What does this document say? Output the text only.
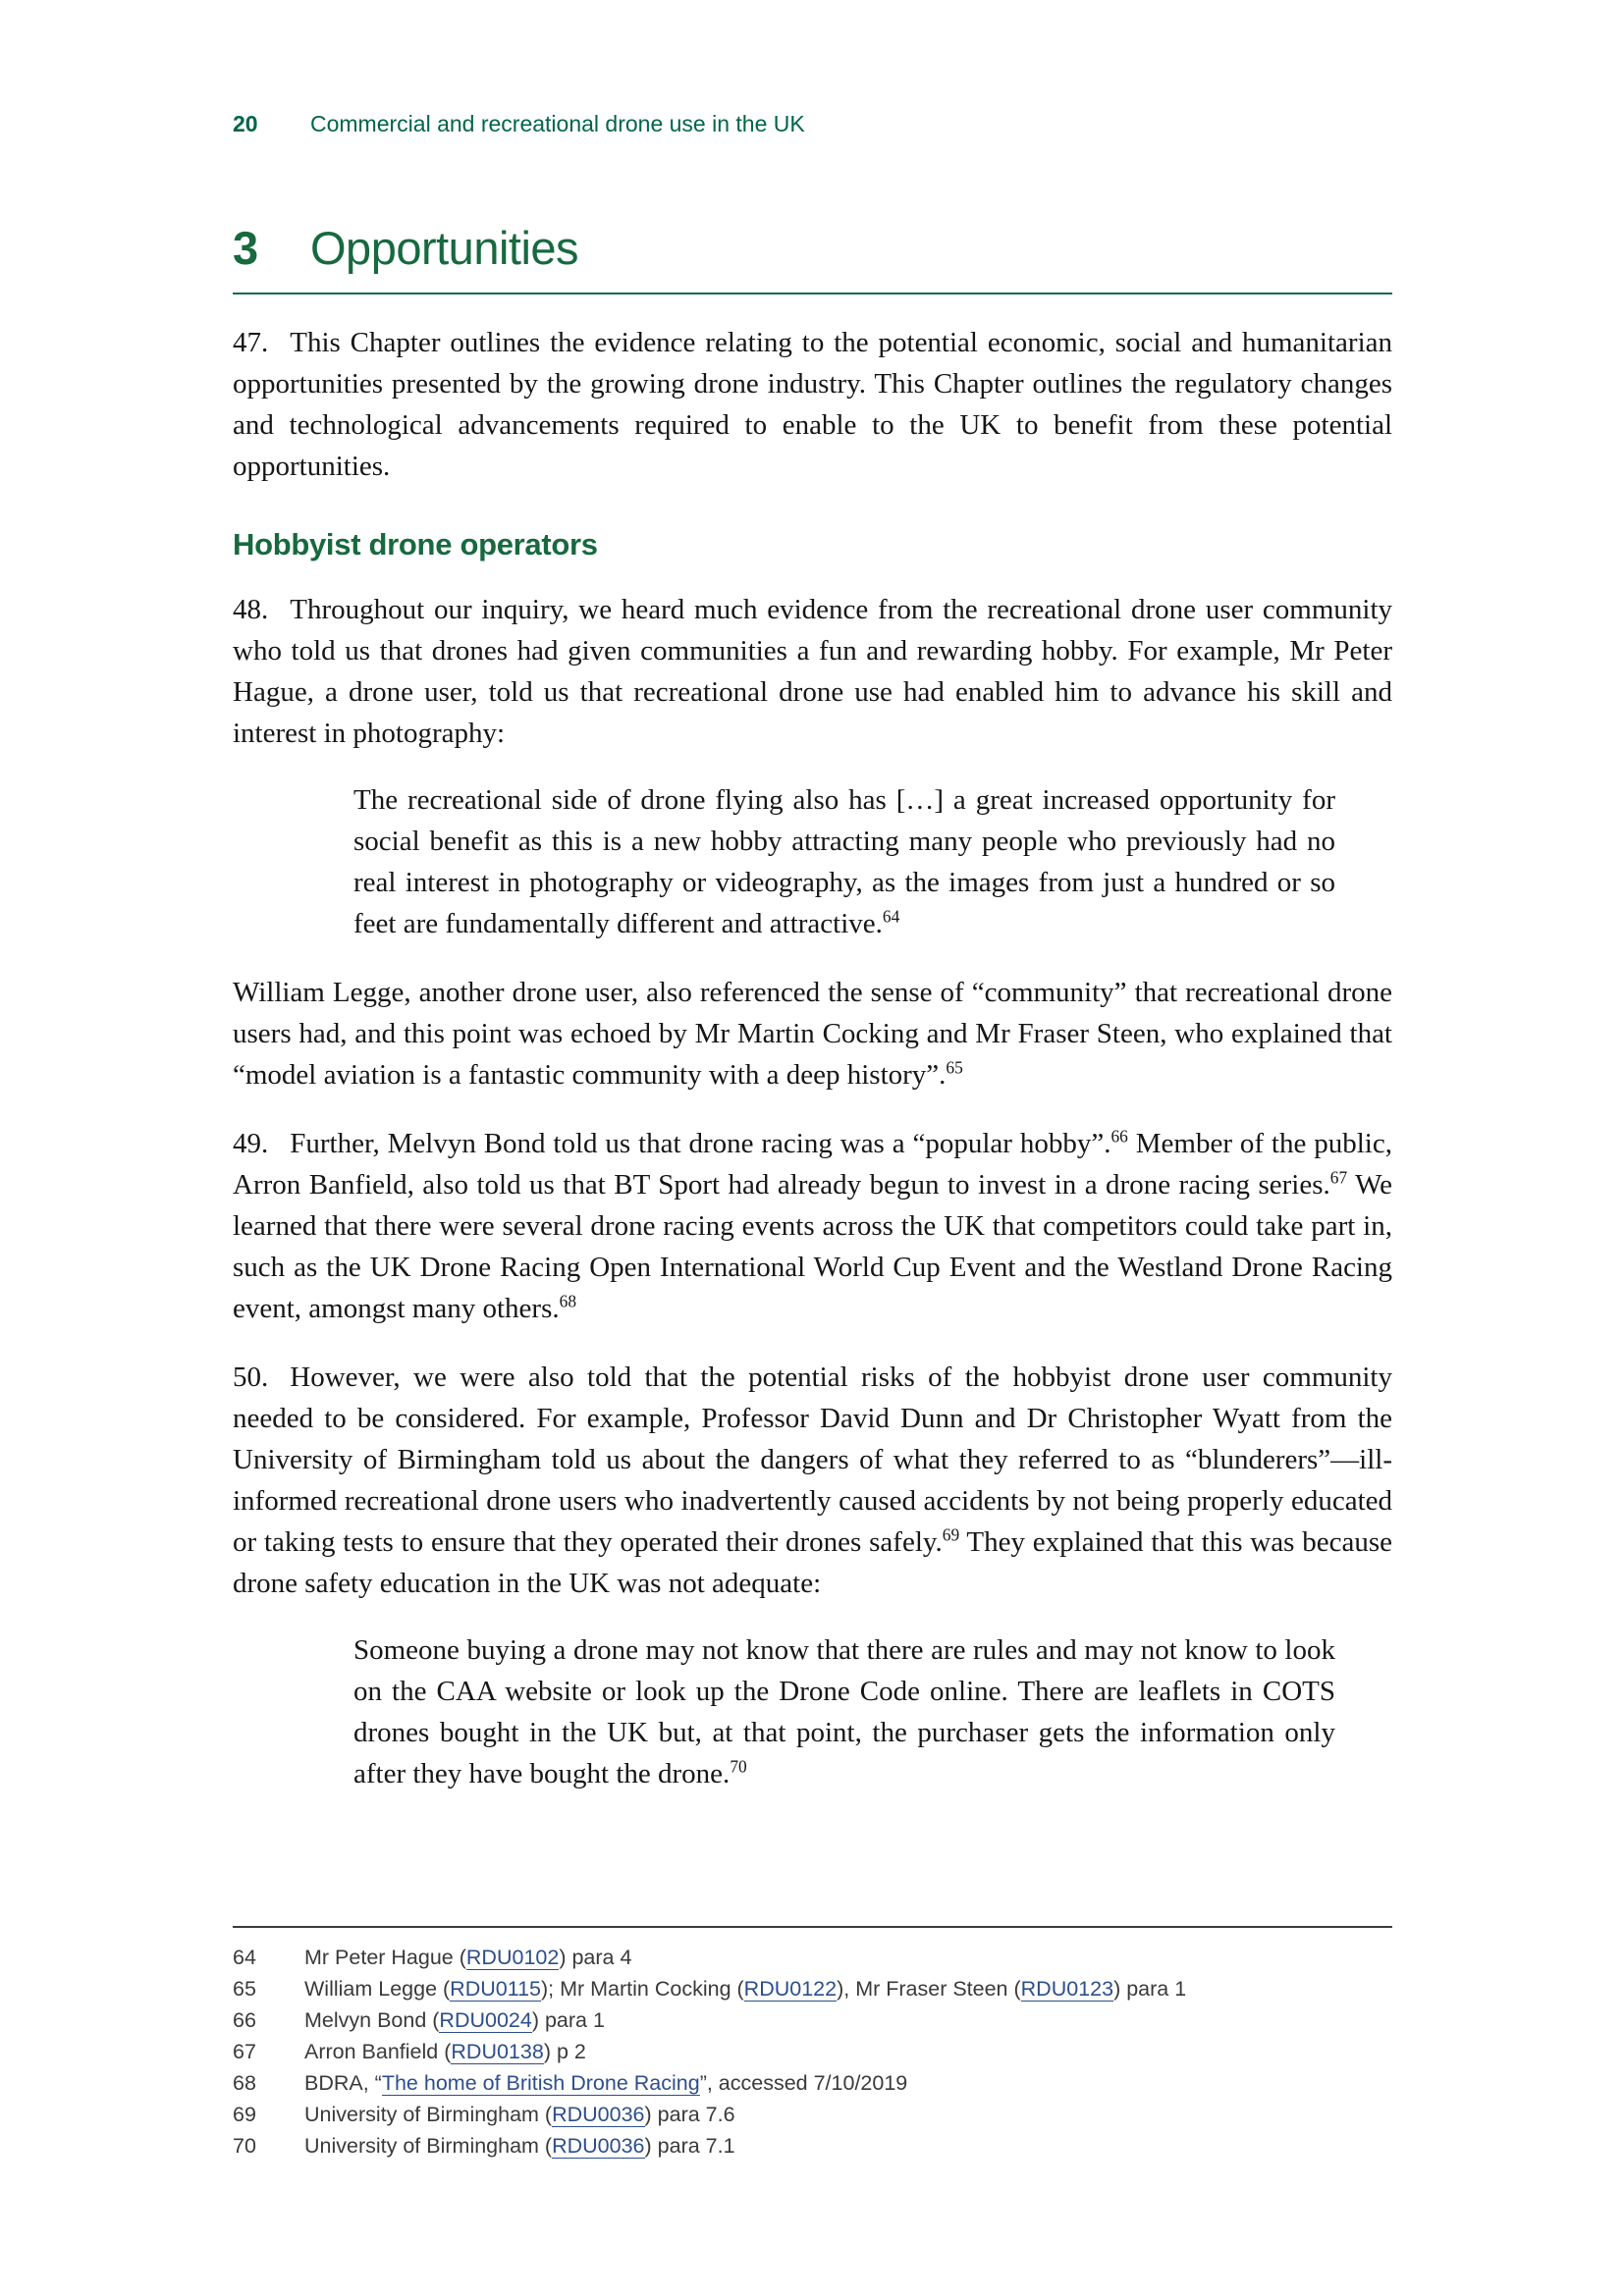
20	Commercial and recreational drone use in the UK
3	Opportunities

47. This Chapter outlines the evidence relating to the potential economic, social and humanitarian opportunities presented by the growing drone industry. This Chapter outlines the regulatory changes and technological advancements required to enable to the UK to benefit from these potential opportunities.

Hobbyist drone operators

48. Throughout our inquiry, we heard much evidence from the recreational drone user community who told us that drones had given communities a fun and rewarding hobby. For example, Mr Peter Hague, a drone user, told us that recreational drone use had enabled him to advance his skill and interest in photography:

The recreational side of drone flying also has […] a great increased opportunity for social benefit as this is a new hobby attracting many people who previously had no real interest in photography or videography, as the images from just a hundred or so feet are fundamentally different and attractive.$^{64}$

William Legge, another drone user, also referenced the sense of “community” that recreational drone users had, and this point was echoed by Mr Martin Cocking and Mr Fraser Steen, who explained that “model aviation is a fantastic community with a deep history”.$^{65}$

49. Further, Melvyn Bond told us that drone racing was a “popular hobby”.$^{66}$ Member of the public, Arron Banfield, also told us that BT Sport had already begun to invest in a drone racing series.$^{67}$ We learned that there were several drone racing events across the UK that competitors could take part in, such as the UK Drone Racing Open International World Cup Event and the Westland Drone Racing event, amongst many others.$^{68}$

50. However, we were also told that the potential risks of the hobbyist drone user community needed to be considered. For example, Professor David Dunn and Dr Christopher Wyatt from the University of Birmingham told us about the dangers of what they referred to as “blunderers”—ill-informed recreational drone users who inadvertently caused accidents by not being properly educated or taking tests to ensure that they operated their drones safely.$^{69}$ They explained that this was because drone safety education in the UK was not adequate:

Someone buying a drone may not know that there are rules and may not know to look on the CAA website or look up the Drone Code online. There are leaflets in COTS drones bought in the UK but, at that point, the purchaser gets the information only after they have bought the drone.$^{70}$
64	Mr Peter Hague (RDU0102) para 4
65	William Legge (RDU0115); Mr Martin Cocking (RDU0122), Mr Fraser Steen (RDU0123) para 1
66	Melvyn Bond (RDU0024) para 1
67	Arron Banfield (RDU0138) p 2
68	BDRA, “The home of British Drone Racing”, accessed 7/10/2019
69	University of Birmingham (RDU0036) para 7.6
70	University of Birmingham (RDU0036) para 7.1
